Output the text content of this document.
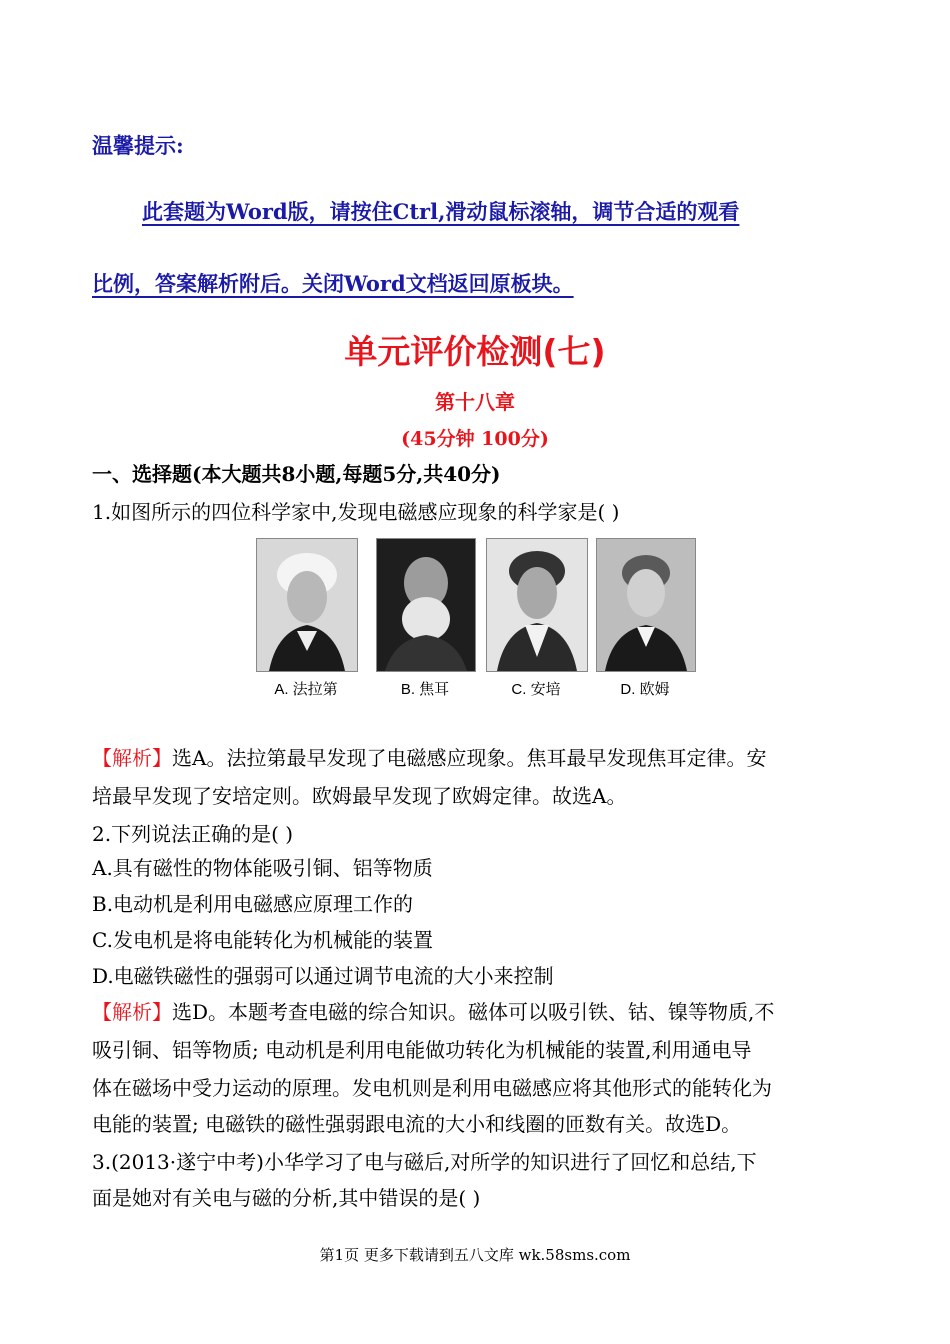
温馨提示:
此套题为Word版，请按住Ctrl,滑动鼠标滚轴，调节合适的观看
比例，答案解析附后。关闭Word文档返回原板块。
单元评价检测(七)
第十八章
(45分钟 100分)
一、选择题(本大题共8小题,每题5分,共40分)
1.如图所示的四位科学家中,发现电磁感应现象的科学家是( )
A. 法拉第	B. 焦耳	C. 安培	D. 欧姆
【解析】选A。法拉第最早发现了电磁感应现象。焦耳最早发现焦耳定律。安
培最早发现了安培定则。欧姆最早发现了欧姆定律。故选A。
2.下列说法正确的是( )
A.具有磁性的物体能吸引铜、铝等物质
B.电动机是利用电磁感应原理工作的
C.发电机是将电能转化为机械能的装置
D.电磁铁磁性的强弱可以通过调节电流的大小来控制
【解析】选D。本题考查电磁的综合知识。磁体可以吸引铁、钴、镍等物质,不
吸引铜、铝等物质; 电动机是利用电能做功转化为机械能的装置,利用通电导
体在磁场中受力运动的原理。发电机则是利用电磁感应将其他形式的能转化为
电能的装置; 电磁铁的磁性强弱跟电流的大小和线圈的匝数有关。故选D。
3.(2013·遂宁中考)小华学习了电与磁后,对所学的知识进行了回忆和总结,下
面是她对有关电与磁的分析,其中错误的是( )
第1页 更多下载请到五八文库 wk.58sms.com
